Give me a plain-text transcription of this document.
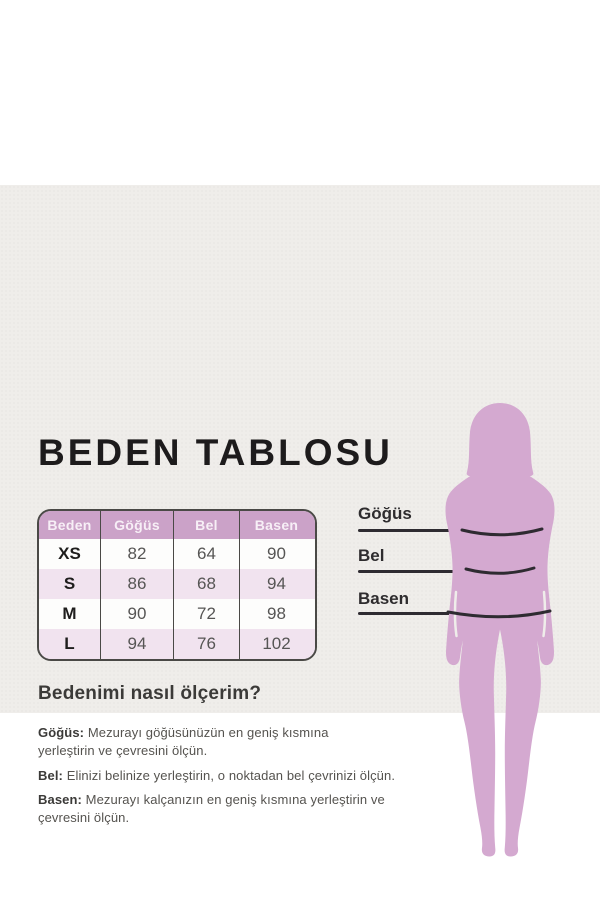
BEDEN TABLOSU
Beden	Göğüs	Bel	Basen
XS	82	64	90
S	86	68	94
M	90	72	98
L	94	76	102

Göğüs

Bel

Basen

Bedenimi nasıl ölçerim?

Göğüs: Mezurayı göğüsünüzün en geniş kısmına yerleştirin ve çevresini ölçün.

Bel: Elinizi belinize yerleştirin, o noktadan bel çevrinizi ölçün.

Basen: Mezurayı kalçanızın en geniş kısmına yerleştirin ve çevresini ölçün.
